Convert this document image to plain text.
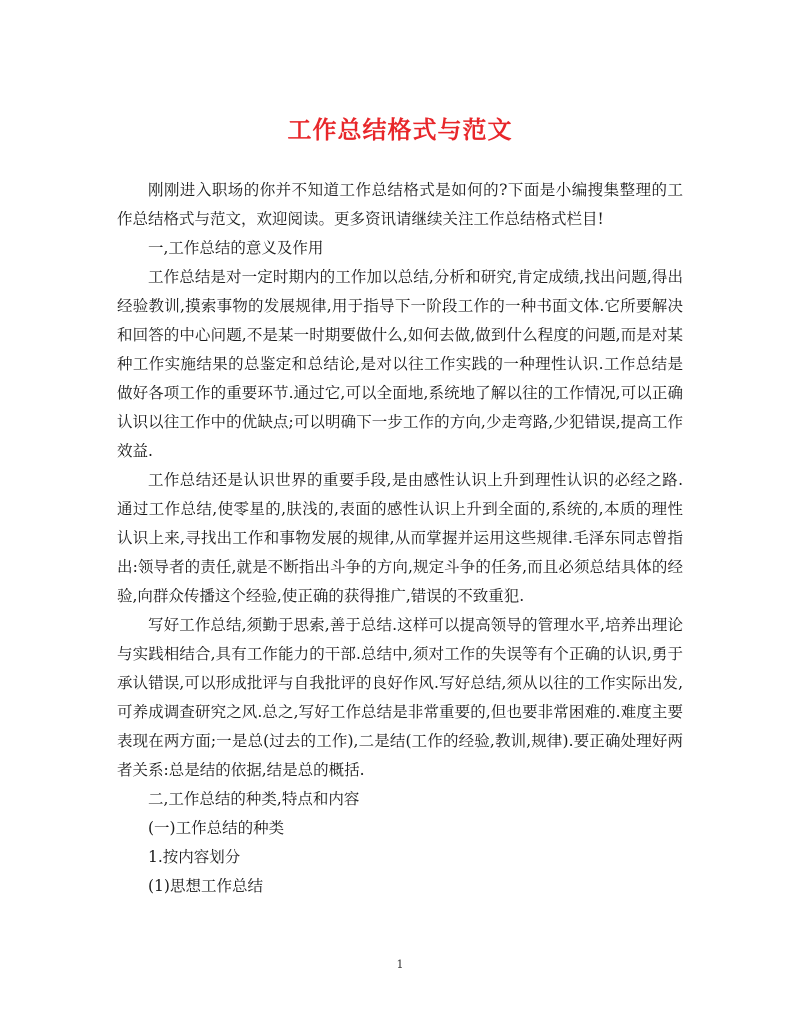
工作总结格式与范文

刚刚进入职场的你并不知道工作总结格式是如何的?下面是小编搜集整理的工作总结格式与范文，欢迎阅读。更多资讯请继续关注工作总结格式栏目!

一,工作总结的意义及作用

工作总结是对一定时期内的工作加以总结,分析和研究,肯定成绩,找出问题,得出经验教训,摸索事物的发展规律,用于指导下一阶段工作的一种书面文体.它所要解决和回答的中心问题,不是某一时期要做什么,如何去做,做到什么程度的问题,而是对某种工作实施结果的总鉴定和总结论,是对以往工作实践的一种理性认识.工作总结是做好各项工作的重要环节.通过它,可以全面地,系统地了解以往的工作情况,可以正确认识以往工作中的优缺点;可以明确下一步工作的方向,少走弯路,少犯错误,提高工作效益.

工作总结还是认识世界的重要手段,是由感性认识上升到理性认识的必经之路.通过工作总结,使零星的,肤浅的,表面的感性认识上升到全面的,系统的,本质的理性认识上来,寻找出工作和事物发展的规律,从而掌握并运用这些规律.毛泽东同志曾指出:领导者的责任,就是不断指出斗争的方向,规定斗争的任务,而且必须总结具体的经验,向群众传播这个经验,使正确的获得推广,错误的不致重犯.

写好工作总结,须勤于思索,善于总结.这样可以提高领导的管理水平,培养出理论与实践相结合,具有工作能力的干部.总结中,须对工作的失误等有个正确的认识,勇于承认错误,可以形成批评与自我批评的良好作风.写好总结,须从以往的工作实际出发,可养成调查研究之风.总之,写好工作总结是非常重要的,但也要非常困难的.难度主要表现在两方面;一是总(过去的工作),二是结(工作的经验,教训,规律).要正确处理好两者关系:总是结的依据,结是总的概括.

二,工作总结的种类,特点和内容

(一)工作总结的种类

1.按内容划分

(1)思想工作总结

1
